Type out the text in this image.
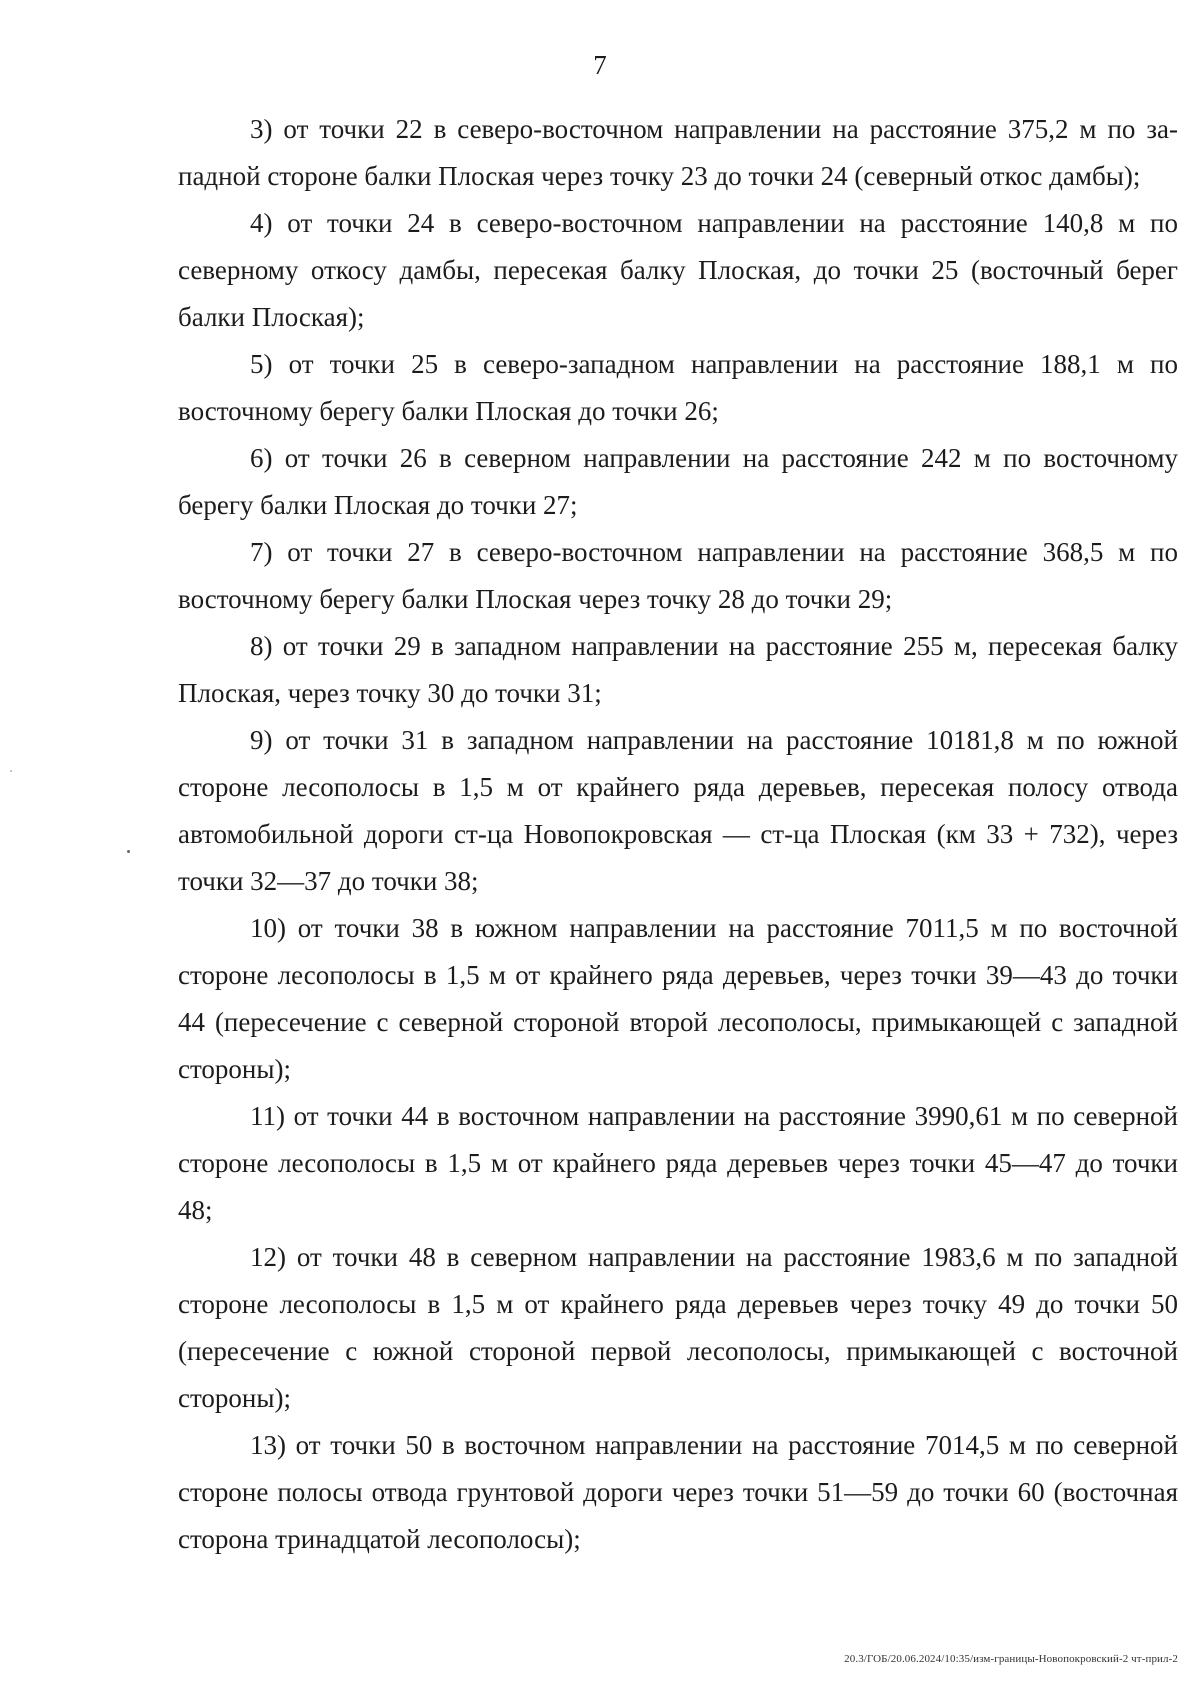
7

3) от точки 22 в северо-восточном направлении на расстояние 375,2 м по западной стороне балки Плоская через точку 23 до точки 24 (северный откос дамбы);

4) от точки 24 в северо-восточном направлении на расстояние 140,8 м по северному откосу дамбы, пересекая балку Плоская, до точки 25 (восточный берег балки Плоская);

5) от точки 25 в северо-западном направлении на расстояние 188,1 м по восточному берегу балки Плоская до точки 26;

6) от точки 26 в северном направлении на расстояние 242 м по восточному берегу балки Плоская до точки 27;

7) от точки 27 в северо-восточном направлении на расстояние 368,5 м по восточному берегу балки Плоская через точку 28 до точки 29;

8) от точки 29 в западном направлении на расстояние 255 м, пересекая балку Плоская, через точку 30 до точки 31;

9) от точки 31 в западном направлении на расстояние 10181,8 м по южной стороне лесополосы в 1,5 м от крайнего ряда деревьев, пересекая полосу отвода автомобильной дороги ст-ца Новопокровская — ст-ца Плоская (км 33 + 732), через точки 32—37 до точки 38;

10) от точки 38 в южном направлении на расстояние 7011,5 м по восточной стороне лесополосы в 1,5 м от крайнего ряда деревьев, через точки 39—43 до точки 44 (пересечение с северной стороной второй лесополосы, примыкающей с западной стороны);

11) от точки 44 в восточном направлении на расстояние 3990,61 м по северной стороне лесополосы в 1,5 м от крайнего ряда деревьев через точки 45—47 до точки 48;

12) от точки 48 в северном направлении на расстояние 1983,6 м по западной стороне лесополосы в 1,5 м от крайнего ряда деревьев через точку 49 до точки 50 (пересечение с южной стороной первой лесополосы, примыкающей с восточной стороны);

13) от точки 50 в восточном направлении на расстояние 7014,5 м по северной стороне полосы отвода грунтовой дороги через точки 51—59 до точки 60 (восточная сторона тринадцатой лесополосы);

20.3/ГОБ/20.06.2024/10:35/изм-границы-Новопокровский-2 чт-прил-2
